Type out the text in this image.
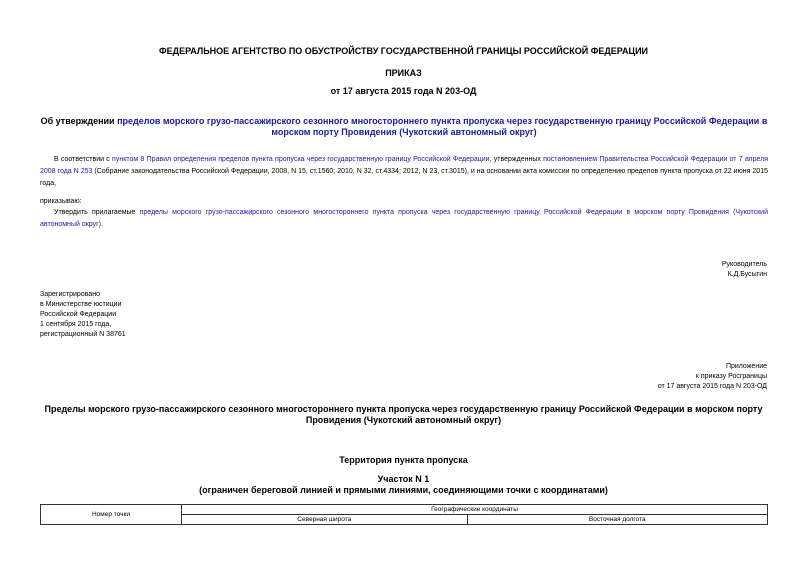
ФЕДЕРАЛЬНОЕ АГЕНТСТВО ПО ОБУСТРОЙСТВУ ГОСУДАРСТВЕННОЙ ГРАНИЦЫ РОССИЙСКОЙ ФЕДЕРАЦИИ
ПРИКАЗ
от 17 августа 2015 года N 203-ОД
Об утверждении пределов морского грузо-пассажирского сезонного многостороннего пункта пропуска через государственную границу Российской Федерации в морском порту Провидения (Чукотский автономный округ)
В соответствии с пунктом 8 Правил определения пределов пункта пропуска через государственную границу Российской Федерации, утвержденных постановлением Правительства Российской Федерации от 7 апреля 2008 года N 253 (Собрание законодательства Российской Федерации, 2008, N 15, ст.1560; 2010, N 32, ст.4334; 2012, N 23, ст.3015), и на основании акта комиссии по определению пределов пункта пропуска от 22 июня 2015 года,
приказываю:
Утвердить прилагаемые пределы морского грузо-пассажирского сезонного многостороннего пункта пропуска через государственную границу Российской Федерации в морском порту Провидения (Чукотский автономный округ).
Руководитель
К.Д.Бусыгин
Зарегистрировано
в Министерстве юстиции
Российской Федерации
1 сентября 2015 года,
регистрационный N 38761
Приложение
к приказу Росграницы
от 17 августа 2015 года N 203-ОД
Пределы морского грузо-пассажирского сезонного многостороннего пункта пропуска через государственную границу Российской Федерации в морском порту
Провидения (Чукотский автономный округ)
Территория пункта пропуска
Участок N 1
(ограничен береговой линией и прямыми линиями, соединяющими точки с координатами)
Номер точки	Географические координаты	
	Северная широта	Восточная долгота
